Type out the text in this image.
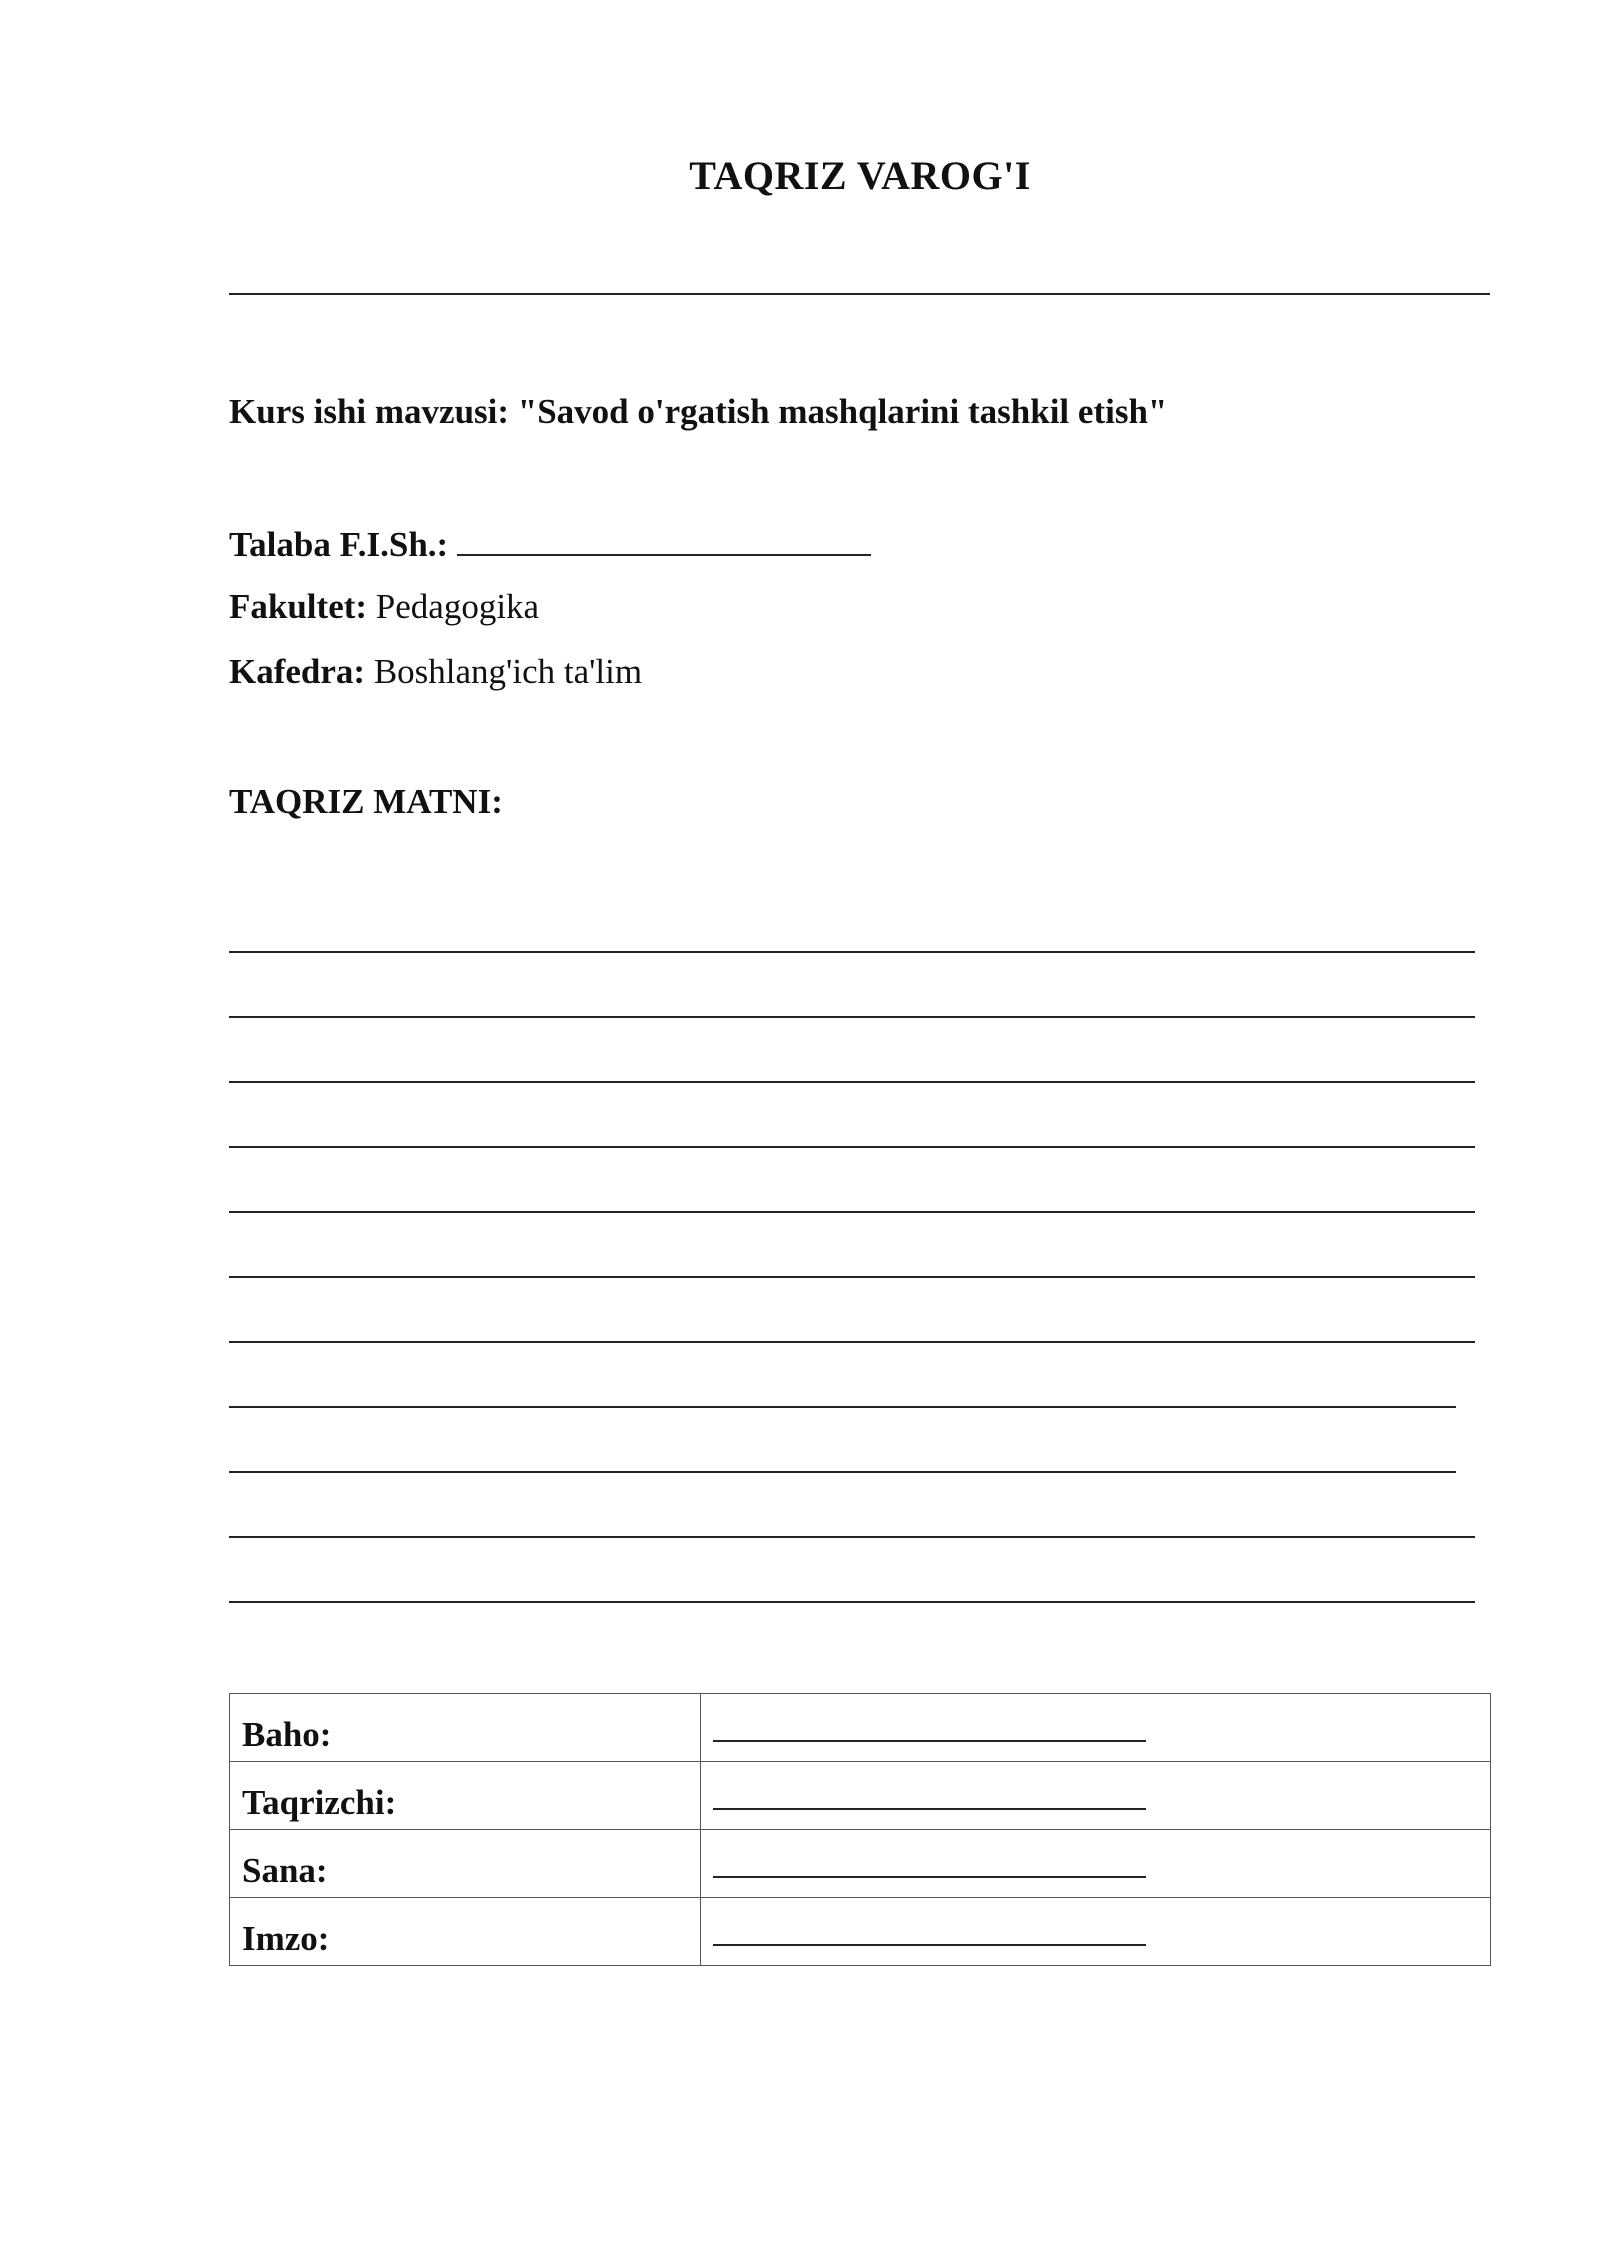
TAQRIZ VAROG'I

Kurs ishi mavzusi: "Savod o'rgatish mashqlarini tashkil etish"

Talaba F.I.Sh.:

Fakultet: Pedagogika

Kafedra: Boshlang'ich ta'lim

TAQRIZ MATNI:

Baho:	
Taqrizchi:	
Sana:	
Imzo:	
